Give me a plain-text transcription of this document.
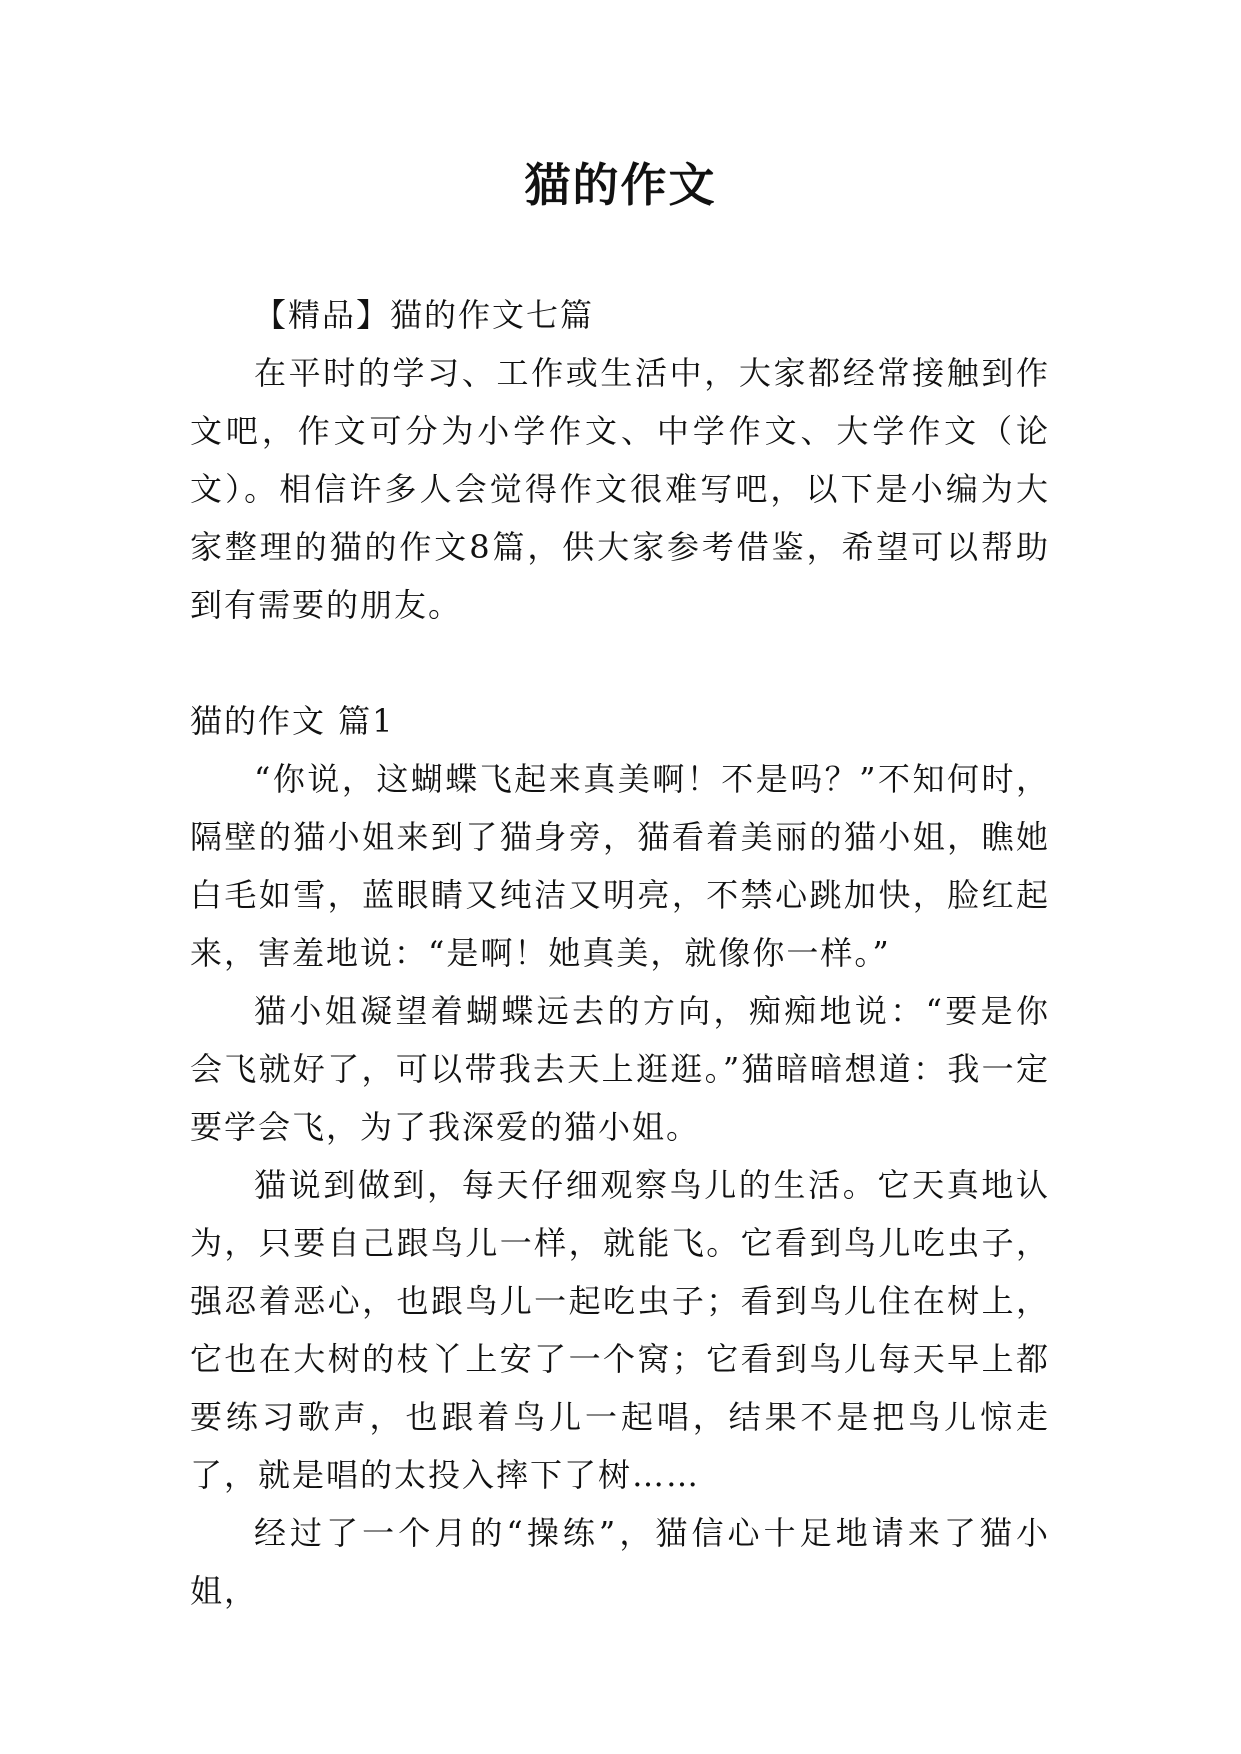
猫的作文

【精品】猫的作文七篇

在平时的学习、工作或生活中，大家都经常接触到作文吧，作文可分为小学作文、中学作文、大学作文（论文）。相信许多人会觉得作文很难写吧，以下是小编为大家整理的猫的作文8篇，供大家参考借鉴，希望可以帮助到有需要的朋友。

猫的作文 篇1

“你说，这蝴蝶飞起来真美啊！不是吗？”不知何时，隔壁的猫小姐来到了猫身旁，猫看着美丽的猫小姐，瞧她白毛如雪，蓝眼睛又纯洁又明亮，不禁心跳加快，脸红起来，害羞地说：“是啊！她真美，就像你一样。”

猫小姐凝望着蝴蝶远去的方向，痴痴地说：“要是你会飞就好了，可以带我去天上逛逛。”猫暗暗想道：我一定要学会飞，为了我深爱的猫小姐。

猫说到做到，每天仔细观察鸟儿的生活。它天真地认为，只要自己跟鸟儿一样，就能飞。它看到鸟儿吃虫子，强忍着恶心，也跟鸟儿一起吃虫子；看到鸟儿住在树上，它也在大树的枝丫上安了一个窝；它看到鸟儿每天早上都要练习歌声，也跟着鸟儿一起唱，结果不是把鸟儿惊走了，就是唱的太投入摔下了树……

经过了一个月的“操练”，猫信心十足地请来了猫小姐，
